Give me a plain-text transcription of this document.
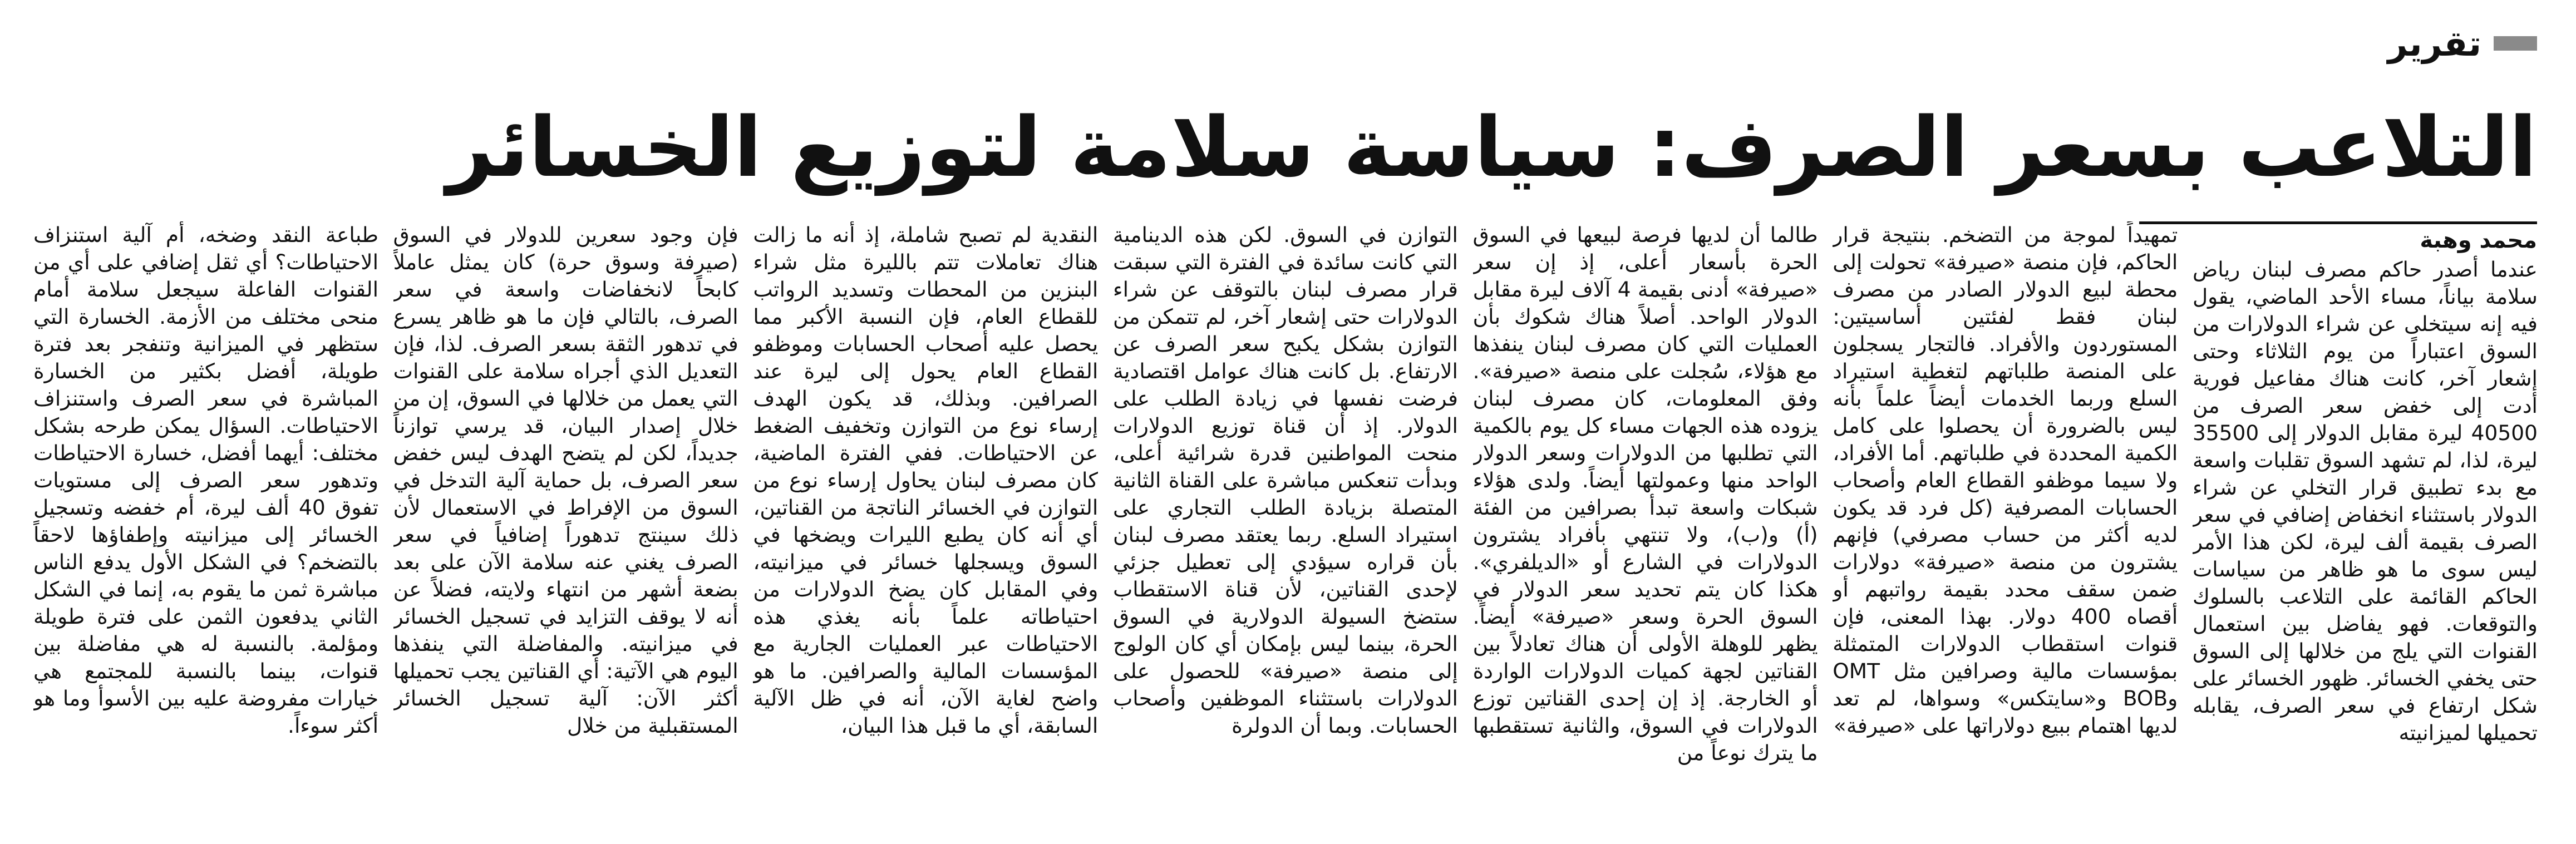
تقرير
التلاعب بسعر الصرف: سياسة سلامة لتوزيع الخسائر
محمد وهبة

عندما أصدر حاكم مصرف لبنان رياض سلامة بياناً، مساء الأحد الماضي، يقول فيه إنه سيتخلى عن شراء الدولارات من السوق اعتباراً من يوم الثلاثاء وحتى إشعار آخر، كانت هناك مفاعيل فورية أدت إلى خفض سعر الصرف من 40500 ليرة مقابل الدولار إلى 35500 ليرة، لذا، لم تشهد السوق تقلبات واسعة مع بدء تطبيق قرار التخلي عن شراء الدولار باستثناء انخفاض إضافي في سعر الصرف بقيمة ألف ليرة، لكن هذا الأمر ليس سوى ما هو ظاهر من سياسات الحاكم القائمة على التلاعب بالسلوك والتوقعات. فهو يفاضل بين استعمال القنوات التي يلج من خلالها إلى السوق حتى يخفي الخسائر. ظهور الخسائر على شكل ارتفاع في سعر الصرف، يقابله تحميلها لميزانيته

تمهيداً لموجة من التضخم. بنتيجة قرار الحاكم، فإن منصة «صيرفة» تحولت إلى محطة لبيع الدولار الصادر من مصرف لبنان فقط لفئتين أساسيتين: المستوردون والأفراد. فالتجار يسجلون على المنصة طلباتهم لتغطية استيراد السلع وربما الخدمات أيضاً علماً بأنه ليس بالضرورة أن يحصلوا على كامل الكمية المحددة في طلباتهم. أما الأفراد، ولا سيما موظفو القطاع العام وأصحاب الحسابات المصرفية (كل فرد قد يكون لديه أكثر من حساب مصرفي) فإنهم يشترون من منصة «صيرفة» دولارات ضمن سقف محدد بقيمة رواتبهم أو أقصاه 400 دولار. بهذا المعنى، فإن قنوات استقطاب الدولارات المتمثلة بمؤسسات مالية وصرافين مثل OMT وBOB و«سايتكس» وسواها، لم تعد لديها اهتمام ببيع دولاراتها على «صيرفة»

طالما أن لديها فرصة لبيعها في السوق الحرة بأسعار أعلى، إذ إن سعر «صيرفة» أدنى بقيمة 4 آلاف ليرة مقابل الدولار الواحد. أصلاً هناك شكوك بأن العمليات التي كان مصرف لبنان ينفذها مع هؤلاء، سُجلت على منصة «صيرفة». وفق المعلومات، كان مصرف لبنان يزوده هذه الجهات مساء كل يوم بالكمية التي تطلبها من الدولارات وسعر الدولار الواحد منها وعمولتها أيضاً. ولدى هؤلاء شبكات واسعة تبدأ بصرافين من الفئة (أ) و(ب)، ولا تنتهي بأفراد يشترون الدولارات في الشارع أو «الديلفري». هكذا كان يتم تحديد سعر الدولار في السوق الحرة وسعر «صيرفة» أيضاً. يظهر للوهلة الأولى أن هناك تعادلاً بين القناتين لجهة كميات الدولارات الواردة أو الخارجة. إذ إن إحدى القناتين توزع الدولارات في السوق، والثانية تستقطبها ما يترك نوعاً من

التوازن في السوق. لكن هذه الدينامية التي كانت سائدة في الفترة التي سبقت قرار مصرف لبنان بالتوقف عن شراء الدولارات حتى إشعار آخر، لم تتمكن من التوازن بشكل يكبح سعر الصرف عن الارتفاع. بل كانت هناك عوامل اقتصادية فرضت نفسها في زيادة الطلب على الدولار. إذ أن قناة توزيع الدولارات منحت المواطنين قدرة شرائية أعلى، وبدأت تنعكس مباشرة على القناة الثانية المتصلة بزيادة الطلب التجاري على استيراد السلع. ربما يعتقد مصرف لبنان بأن قراره سيؤدي إلى تعطيل جزئي لإحدى القناتين، لأن قناة الاستقطاب ستضخ السيولة الدولارية في السوق الحرة، بينما ليس بإمكان أي كان الولوج إلى منصة «صيرفة» للحصول على الدولارات باستثناء الموظفين وأصحاب الحسابات. وبما أن الدولرة

النقدية لم تصبح شاملة، إذ أنه ما زالت هناك تعاملات تتم بالليرة مثل شراء البنزين من المحطات وتسديد الرواتب للقطاع العام، فإن النسبة الأكبر مما يحصل عليه أصحاب الحسابات وموظفو القطاع العام يحول إلى ليرة عند الصرافين. وبذلك، قد يكون الهدف إرساء نوع من التوازن وتخفيف الضغط عن الاحتياطات. ففي الفترة الماضية، كان مصرف لبنان يحاول إرساء نوع من التوازن في الخسائر الناتجة من القناتين، أي أنه كان يطبع الليرات ويضخها في السوق ويسجلها خسائر في ميزانيته، وفي المقابل كان يضخ الدولارات من احتياطاته علماً بأنه يغذي هذه الاحتياطات عبر العمليات الجارية مع المؤسسات المالية والصرافين. ما هو واضح لغاية الآن، أنه في ظل الآلية السابقة، أي ما قبل هذا البيان،

فإن وجود سعرين للدولار في السوق (صيرفة وسوق حرة) كان يمثل عاملاً كابحاً لانخفاضات واسعة في سعر الصرف، بالتالي فإن ما هو ظاهر يسرع في تدهور الثقة بسعر الصرف. لذا، فإن التعديل الذي أجراه سلامة على القنوات التي يعمل من خلالها في السوق، إن من خلال إصدار البيان، قد يرسي توازناً جديداً، لكن لم يتضح الهدف ليس خفض سعر الصرف، بل حماية آلية التدخل في السوق من الإفراط في الاستعمال لأن ذلك سينتج تدهوراً إضافياً في سعر الصرف يغني عنه سلامة الآن على بعد بضعة أشهر من انتهاء ولايته، فضلاً عن أنه لا يوقف التزايد في تسجيل الخسائر في ميزانيته. والمفاضلة التي ينفذها اليوم هي الآتية: أي القناتين يجب تحميلها أكثر الآن: آلية تسجيل الخسائر المستقبلية من خلال

طباعة النقد وضخه، أم آلية استنزاف الاحتياطات؟ أي ثقل إضافي على أي من القنوات الفاعلة سيجعل سلامة أمام منحى مختلف من الأزمة. الخسارة التي ستظهر في الميزانية وتنفجر بعد فترة طويلة، أفضل بكثير من الخسارة المباشرة في سعر الصرف واستنزاف الاحتياطات. السؤال يمكن طرحه بشكل مختلف: أيهما أفضل، خسارة الاحتياطات وتدهور سعر الصرف إلى مستويات تفوق 40 ألف ليرة، أم خفضه وتسجيل الخسائر إلى ميزانيته وإطفاؤها لاحقاً بالتضخم؟ في الشكل الأول يدفع الناس مباشرة ثمن ما يقوم به، إنما في الشكل الثاني يدفعون الثمن على فترة طويلة ومؤلمة. بالنسبة له هي مفاضلة بين قنوات، بينما بالنسبة للمجتمع هي خيارات مفروضة عليه بين الأسوأ وما هو أكثر سوءاً.
